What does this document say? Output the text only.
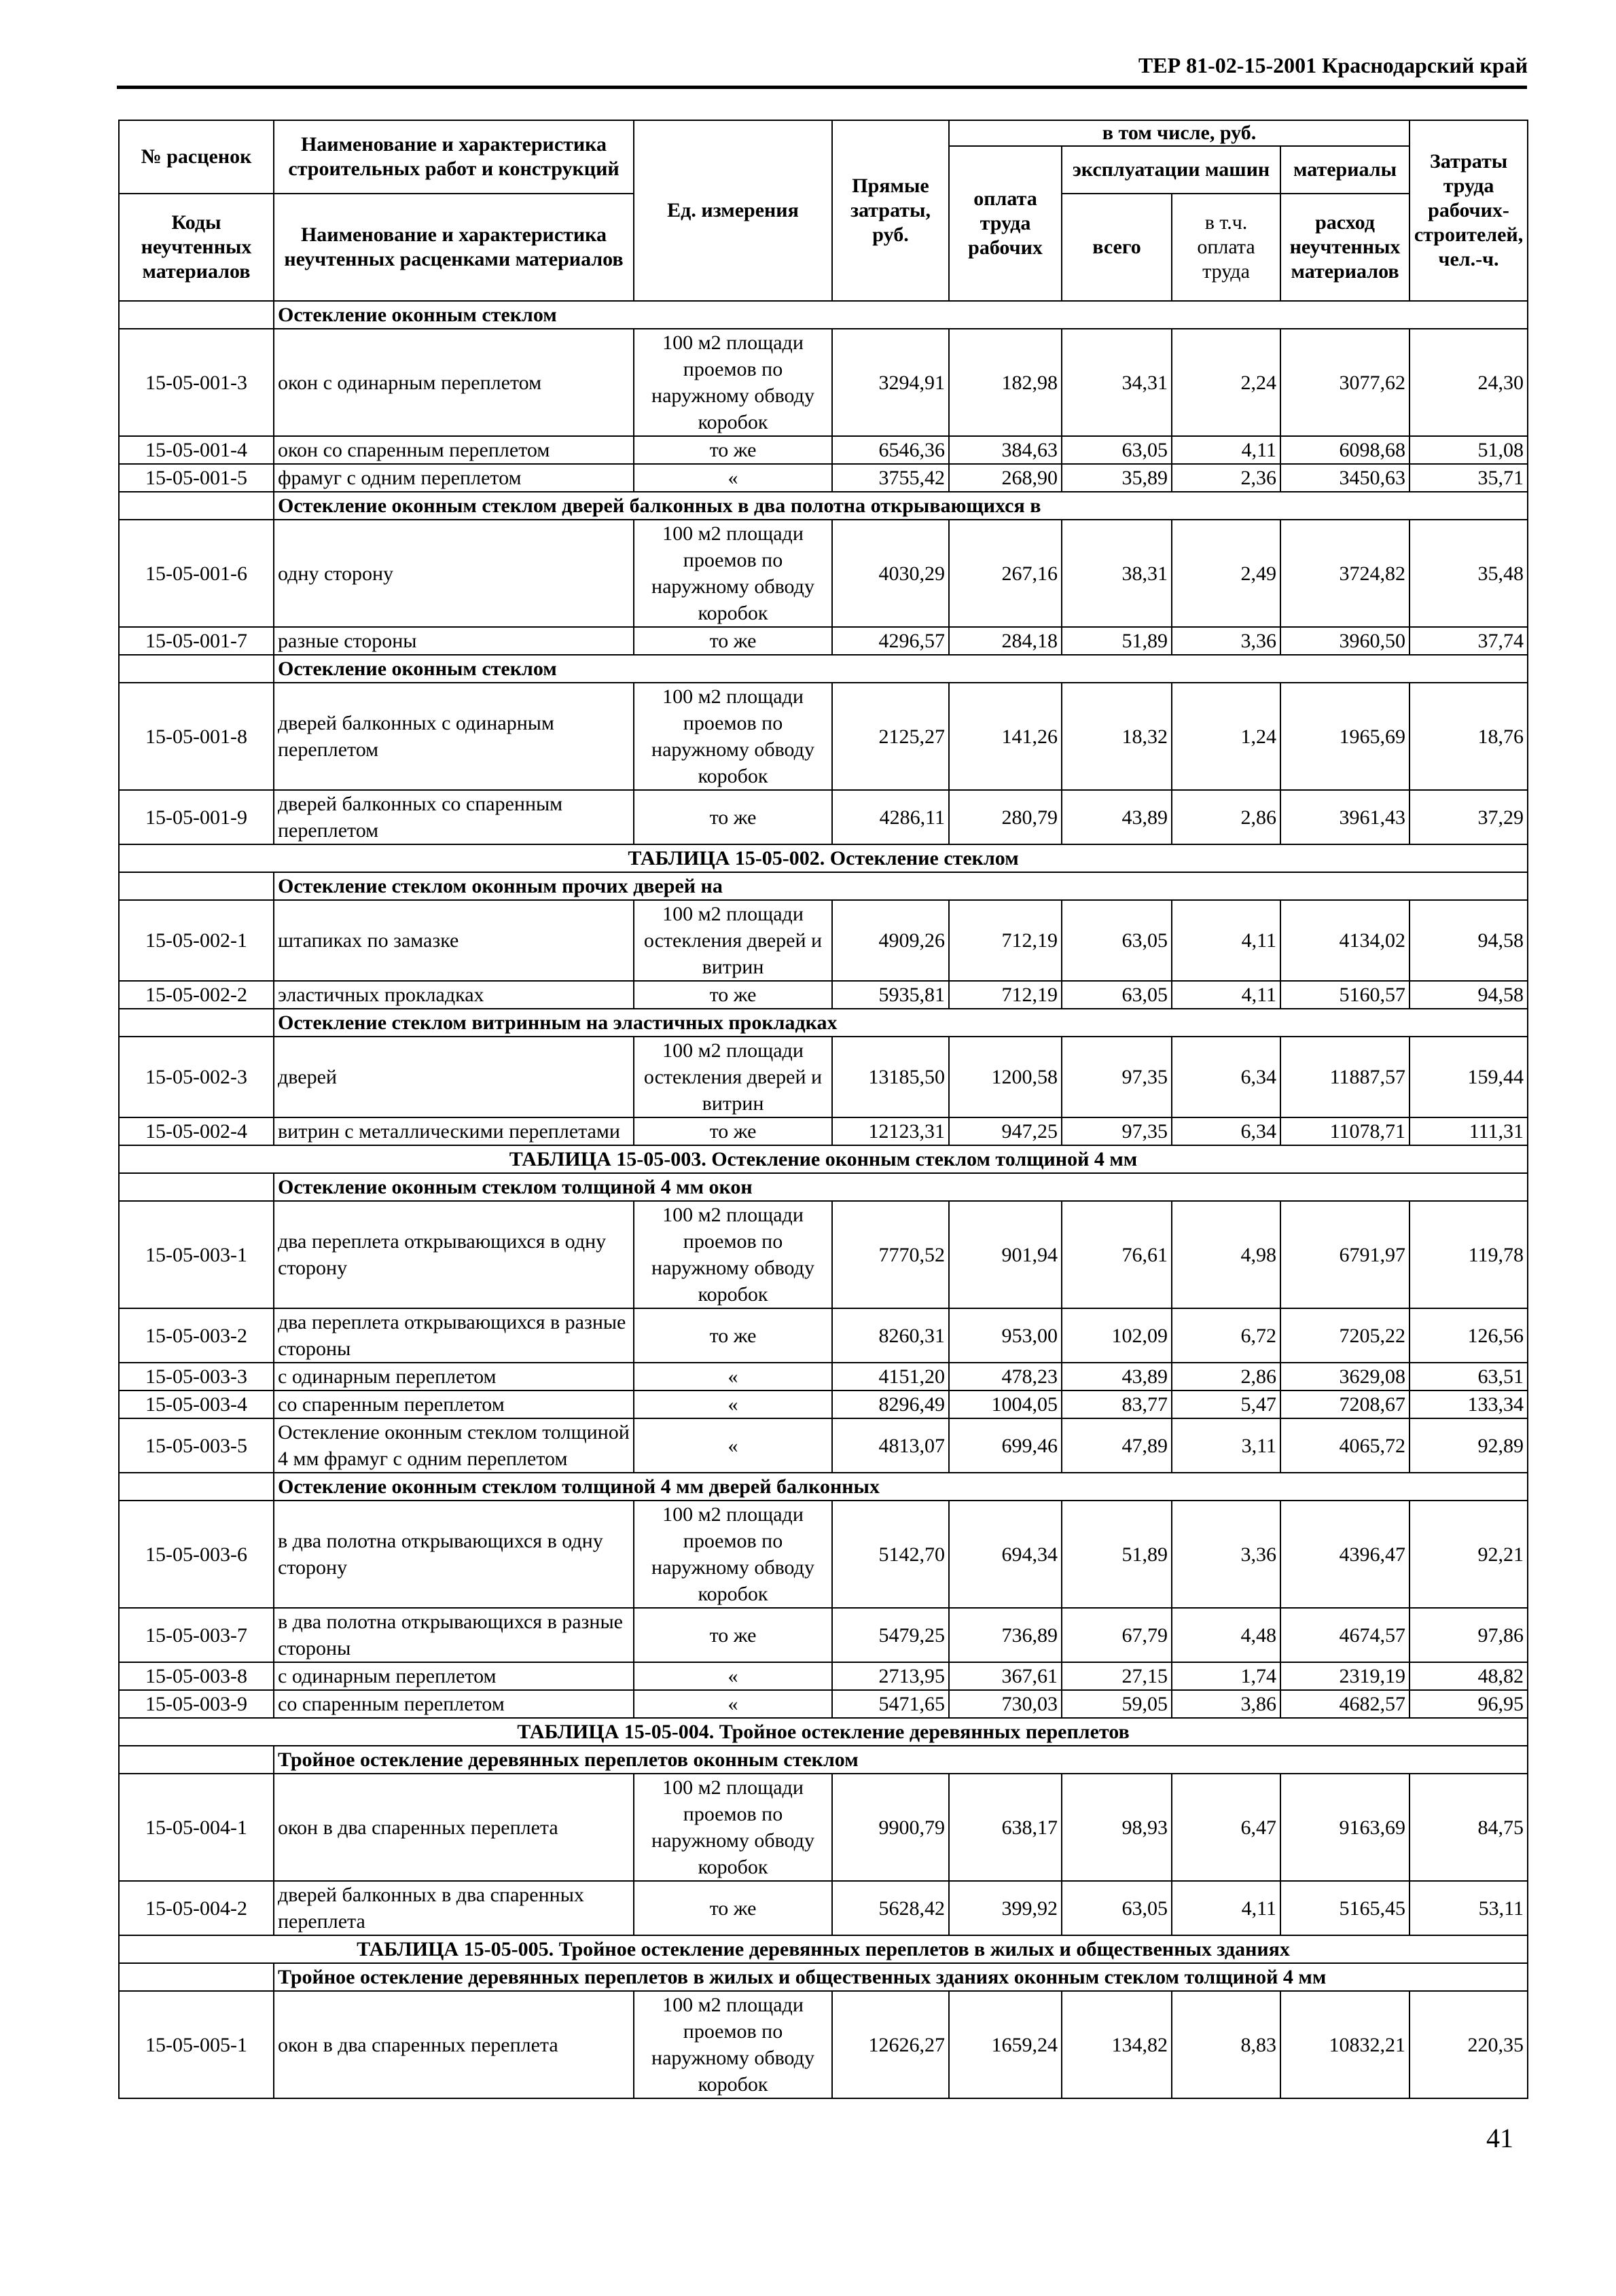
ТЕР 81-02-15-2001 Краснодарский край
№ расценок	Наименование и характеристика строительных работ и конструкций	Ед. измерения	Прямые затраты, руб.	в том числе, руб.				Затраты труда рабочих-строителей, чел.-ч.
				оплата труда рабочих	эксплуатации машин		материалы	

Коды неучтенных материалов	Наименование и характеристика неучтенных расценками материалов				всего	в т.ч. оплата труда	расход неучтенных материалов	

	Остекление оконным стеклом							
15-05-001-3	окон с одинарным переплетом	100 м2 площади проемов по наружному обводу коробок	3294,91	182,98	34,31	2,24	3077,62	24,30
15-05-001-4	окон со спаренным переплетом	то же	6546,36	384,63	63,05	4,11	6098,68	51,08
15-05-001-5	фрамуг с одним переплетом	«	3755,42	268,90	35,89	2,36	3450,63	35,71
	Остекление оконным стеклом дверей балконных в два полотна открывающихся в							
15-05-001-6	одну сторону	100 м2 площади проемов по наружному обводу коробок	4030,29	267,16	38,31	2,49	3724,82	35,48
15-05-001-7	разные стороны	то же	4296,57	284,18	51,89	3,36	3960,50	37,74
	Остекление оконным стеклом							
15-05-001-8	дверей балконных с одинарным переплетом	100 м2 площади проемов по наружному обводу коробок	2125,27	141,26	18,32	1,24	1965,69	18,76
15-05-001-9	дверей балконных со спаренным переплетом	то же	4286,11	280,79	43,89	2,86	3961,43	37,29
ТАБЛИЦА 15-05-002. Остекление стеклом								
	Остекление стеклом оконным прочих дверей на							
15-05-002-1	штапиках по замазке	100 м2 площади остекления дверей и витрин	4909,26	712,19	63,05	4,11	4134,02	94,58
15-05-002-2	эластичных прокладках	то же	5935,81	712,19	63,05	4,11	5160,57	94,58
	Остекление стеклом витринным на эластичных прокладках							
15-05-002-3	дверей	100 м2 площади остекления дверей и витрин	13185,50	1200,58	97,35	6,34	11887,57	159,44
15-05-002-4	витрин с металлическими переплетами	то же	12123,31	947,25	97,35	6,34	11078,71	111,31
ТАБЛИЦА 15-05-003. Остекление оконным стеклом толщиной 4 мм								
	Остекление оконным стеклом толщиной 4 мм окон							
15-05-003-1	два переплета открывающихся в одну сторону	100 м2 площади проемов по наружному обводу коробок	7770,52	901,94	76,61	4,98	6791,97	119,78
15-05-003-2	два переплета открывающихся в разные стороны	то же	8260,31	953,00	102,09	6,72	7205,22	126,56
15-05-003-3	с одинарным переплетом	«	4151,20	478,23	43,89	2,86	3629,08	63,51
15-05-003-4	со спаренным переплетом	«	8296,49	1004,05	83,77	5,47	7208,67	133,34
15-05-003-5	Остекление оконным стеклом толщиной 4 мм фрамуг с одним переплетом	«	4813,07	699,46	47,89	3,11	4065,72	92,89
	Остекление оконным стеклом толщиной 4 мм дверей балконных							
15-05-003-6	в два полотна открывающихся в одну сторону	100 м2 площади проемов по наружному обводу коробок	5142,70	694,34	51,89	3,36	4396,47	92,21
15-05-003-7	в два полотна открывающихся в разные стороны	то же	5479,25	736,89	67,79	4,48	4674,57	97,86
15-05-003-8	с одинарным переплетом	«	2713,95	367,61	27,15	1,74	2319,19	48,82
15-05-003-9	со спаренным переплетом	«	5471,65	730,03	59,05	3,86	4682,57	96,95
ТАБЛИЦА 15-05-004. Тройное остекление деревянных переплетов								
	Тройное остекление деревянных переплетов оконным стеклом							
15-05-004-1	окон в два спаренных переплета	100 м2 площади проемов по наружному обводу коробок	9900,79	638,17	98,93	6,47	9163,69	84,75
15-05-004-2	дверей балконных в два спаренных переплета	то же	5628,42	399,92	63,05	4,11	5165,45	53,11
ТАБЛИЦА 15-05-005. Тройное остекление деревянных переплетов в жилых и общественных зданиях								
	Тройное остекление деревянных переплетов в жилых и общественных зданиях оконным стеклом толщиной 4 мм							
15-05-005-1	окон в два спаренных переплета	100 м2 площади проемов по наружному обводу коробок	12626,27	1659,24	134,82	8,83	10832,21	220,35
41
